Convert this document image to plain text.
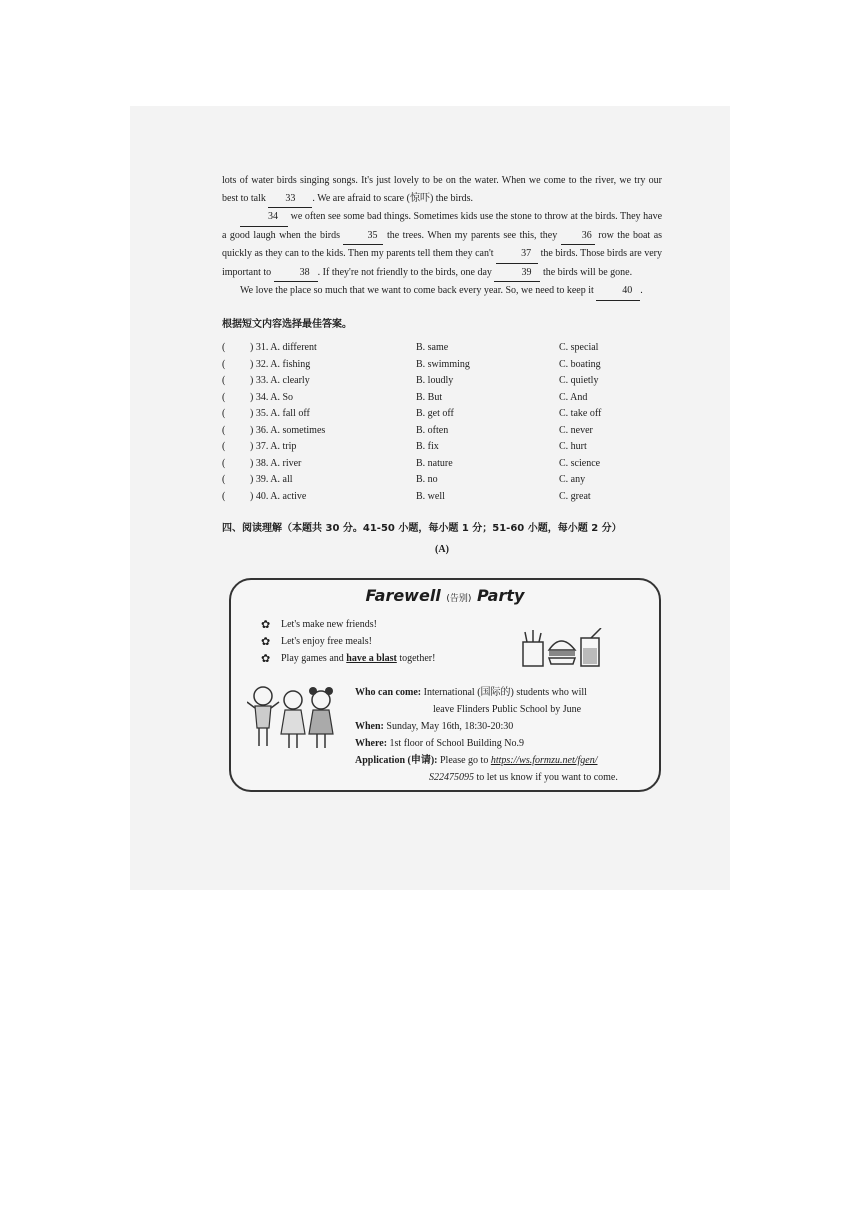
lots of water birds singing songs. It's just lovely to be on the water. When we come to the river, we try our best to talk 33 . We are afraid to scare (惊吓) the birds.

34 we often see some bad things. Sometimes kids use the stone to throw at the birds. They have a good laugh when the birds	35 the trees. When my parents see this, they 36 row the boat as quickly as they can to the kids. Then my parents tell them they can't	37 the birds. Those birds are very important to	38 . If they're not friendly to the birds, one day	39 the birds will be gone.

We love the place so much that we want to come back every year. So, we need to keep it	40 .

根据短文内容选择最佳答案。
(	) 31. A. different	B. same	C. special
(	) 32. A. fishing	B. swimming	C. boating
(	) 33. A. clearly	B. loudly	C. quietly
(	) 34. A. So	B. But	C. And
(	) 35. A. fall off	B. get off	C. take off
(	) 36. A. sometimes	B. often	C. never
(	) 37. A. trip	B. fix	C. hurt
(	) 38. A. river	B. nature	C. science
(	) 39. A. all	B. no	C. any
(	) 40. A. active	B. well	C. great
四、阅读理解（本题共 30 分。41-50 小题，每小题 1 分；51-60 小题，每小题 2 分）
(A)
Farewell (告别) Party
✿	Let's make new friends!
✿	Let's enjoy free meals!
✿	Play games and
have a blast
together!
Who can come: International (国际的) students who will
leave Flinders Public School by June
When: Sunday, May 16th, 18:30-20:30
Where: 1st floor of School Building No.9
Application (申请): Please go to https://ws.formzu.net/fgen/
S22475095 to let us know if you want to come.
